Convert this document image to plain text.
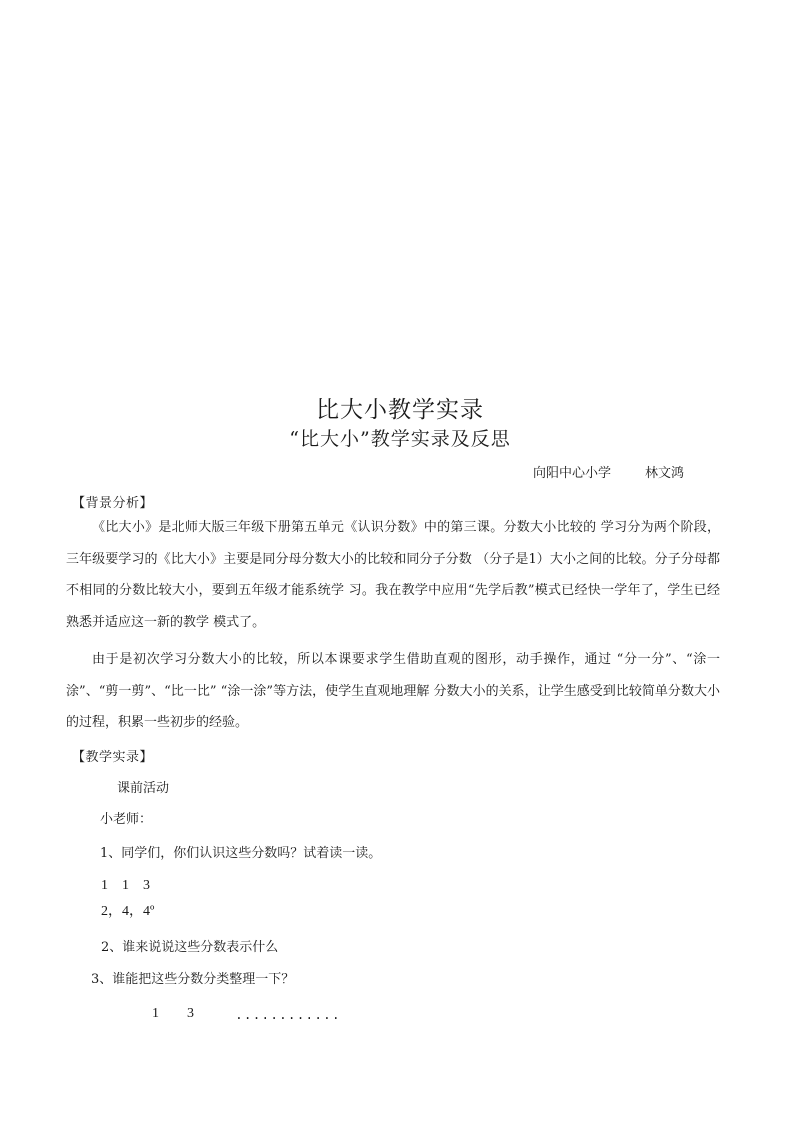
比大小教学实录
“比大小”教学实录及反思
向阳中心小学	林文鸿
【背景分析】

《比大小》是北师大版三年级下册第五单元《认识分数》中的第三课。分数大小比较的 学习分为两个阶段，三年级要学习的《比大小》主要是同分母分数大小的比较和同分子分数 （分子是1）大小之间的比较。分子分母都不相同的分数比较大小，要到五年级才能系统学 习。我在教学中应用“先学后教”模式已经快一学年了，学生已经熟悉并适应这一新的教学 模式了。

由于是初次学习分数大小的比较，所以本课要求学生借助直观的图形，动手操作，通过 “分一分”、“涂一涂”、“剪一剪”、“比一比” “涂一涂”等方法，使学生直观地理解 分数大小的关系，让学生感受到比较简单分数大小的过程，积累一些初步的经验。

【教学实录】
课前活动
小老师：
1、同学们，你们认识这些分数吗？试着读一读。
1    1    3
2，4，4º
2、谁来说说这些分数表示什么
3、谁能把这些分数分类整理一下？
1        3	............
